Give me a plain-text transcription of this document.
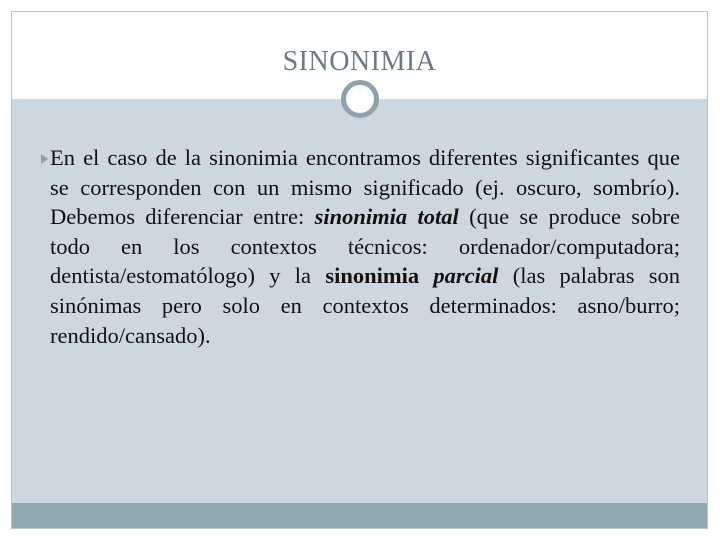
SINONIMIA
En el caso de la sinonimia encontramos diferentes significantes que se corresponden con un mismo significado (ej. oscuro, sombrío). Debemos diferenciar entre: sinonimia total (que se produce sobre todo en los contextos técnicos: ordenador/computadora; dentista/estomatólogo) y la sinonimia parcial (las palabras son sinónimas pero solo en contextos determinados: asno/burro; rendido/cansado).
